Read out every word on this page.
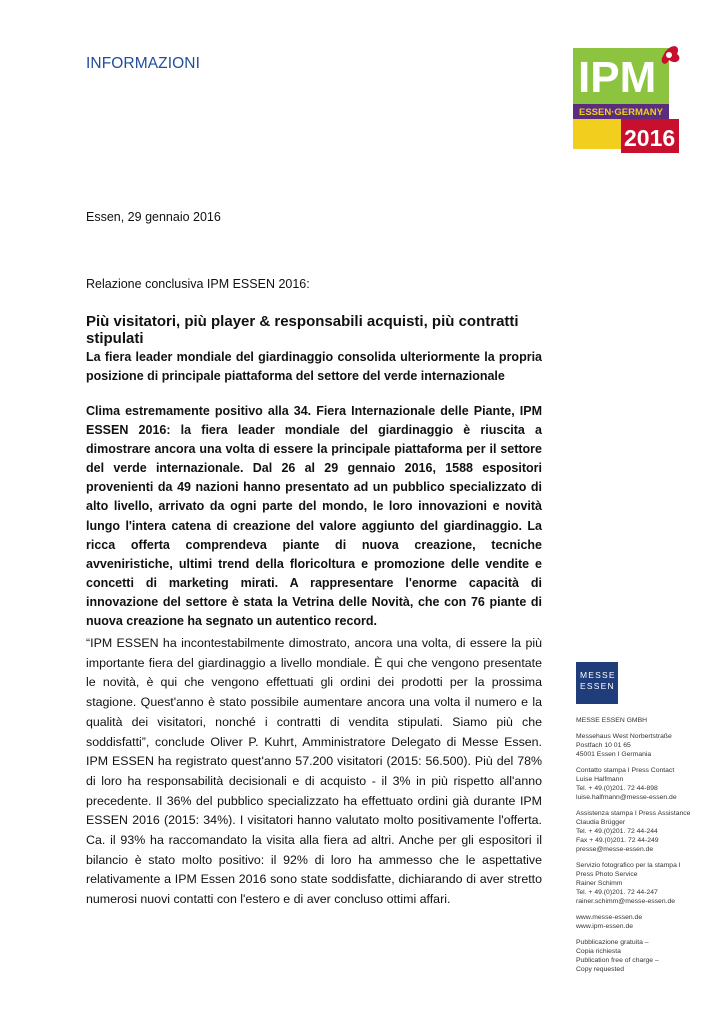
INFORMAZIONI	IPM
ESSEN·GERMANY
2016
Essen, 29 gennaio 2016
Relazione conclusiva IPM ESSEN 2016:
Più visitatori, più player & responsabili acquisti, più contratti stipulati
La fiera leader mondiale del giardinaggio consolida ulteriormente la propria posizione di principale piattaforma del settore del verde internazionale
Clima estremamente positivo alla 34. Fiera Internazionale delle Piante, IPM ESSEN 2016: la fiera leader mondiale del giardinaggio è riuscita a dimostrare ancora una volta di essere la principale piattaforma per il settore del verde internazionale. Dal 26 al 29 gennaio 2016, 1588 espositori provenienti da 49 nazioni hanno presentato ad un pubblico specializzato di alto livello, arrivato da ogni parte del mondo, le loro innovazioni e novità lungo l'intera catena di creazione del valore aggiunto del giardinaggio. La ricca offerta comprendeva piante di nuova creazione, tecniche avveniristiche, ultimi trend della floricoltura e promozione delle vendite e concetti di marketing mirati. A rappresentare l'enorme capacità di innovazione del settore è stata la Vetrina delle Novità, che con 76 piante di nuova creazione ha segnato un autentico record.
“IPM ESSEN ha incontestabilmente dimostrato, ancora una volta, di essere la più importante fiera del giardinaggio a livello mondiale. È qui che vengono presentate le novità, è qui che vengono effettuati gli ordini dei prodotti per la prossima stagione. Quest'anno è stato possibile aumentare ancora una volta il numero e la qualità dei visitatori, nonché i contratti di vendita stipulati. Siamo più che soddisfatti”, conclude Oliver P. Kuhrt, Amministratore Delegato di Messe Essen. IPM ESSEN ha registrato quest'anno 57.200 visitatori (2015: 56.500). Più del 78% di loro ha responsabilità decisionali e di acquisto - il 3% in più rispetto all'anno precedente. Il 36% del pubblico specializzato ha effettuato ordini già durante IPM ESSEN 2016 (2015: 34%). I visitatori hanno valutato molto positivamente l'offerta. Ca. il 93% ha raccomandato la visita alla fiera ad altri. Anche per gli espositori il bilancio è stato molto positivo: il 92% di loro ha ammesso che le aspettative relativamente a IPM Essen 2016 sono state soddisfatte, dichiarando di aver stretto numerosi nuovi contatti con l'estero e di aver concluso ottimi affari.
MESSE
ESSEN
MESSE ESSEN GMBH
Messehaus West Norbertstraße
Postfach 10 01 65
45001 Essen I Germania
Contatto stampa I Press Contact
Luise Halfmann
Tel. + 49.(0)201. 72 44-898
luise.halfmann@messe-essen.de
Assistenza stampa I Press Assistance
Claudia Brügger
Tel. + 49.(0)201. 72 44-244
Fax + 49.(0)201. 72 44-249
presse@messe-essen.de
Servizio fotografico per la stampa I
Press Photo Service
Rainer Schimm
Tel. + 49.(0)201. 72 44-247
rainer.schimm@messe-essen.de
www.messe-essen.de
www.ipm-essen.de
Pubblicazione gratuita –
Copia richiesta
Publication free of charge –
Copy requested
